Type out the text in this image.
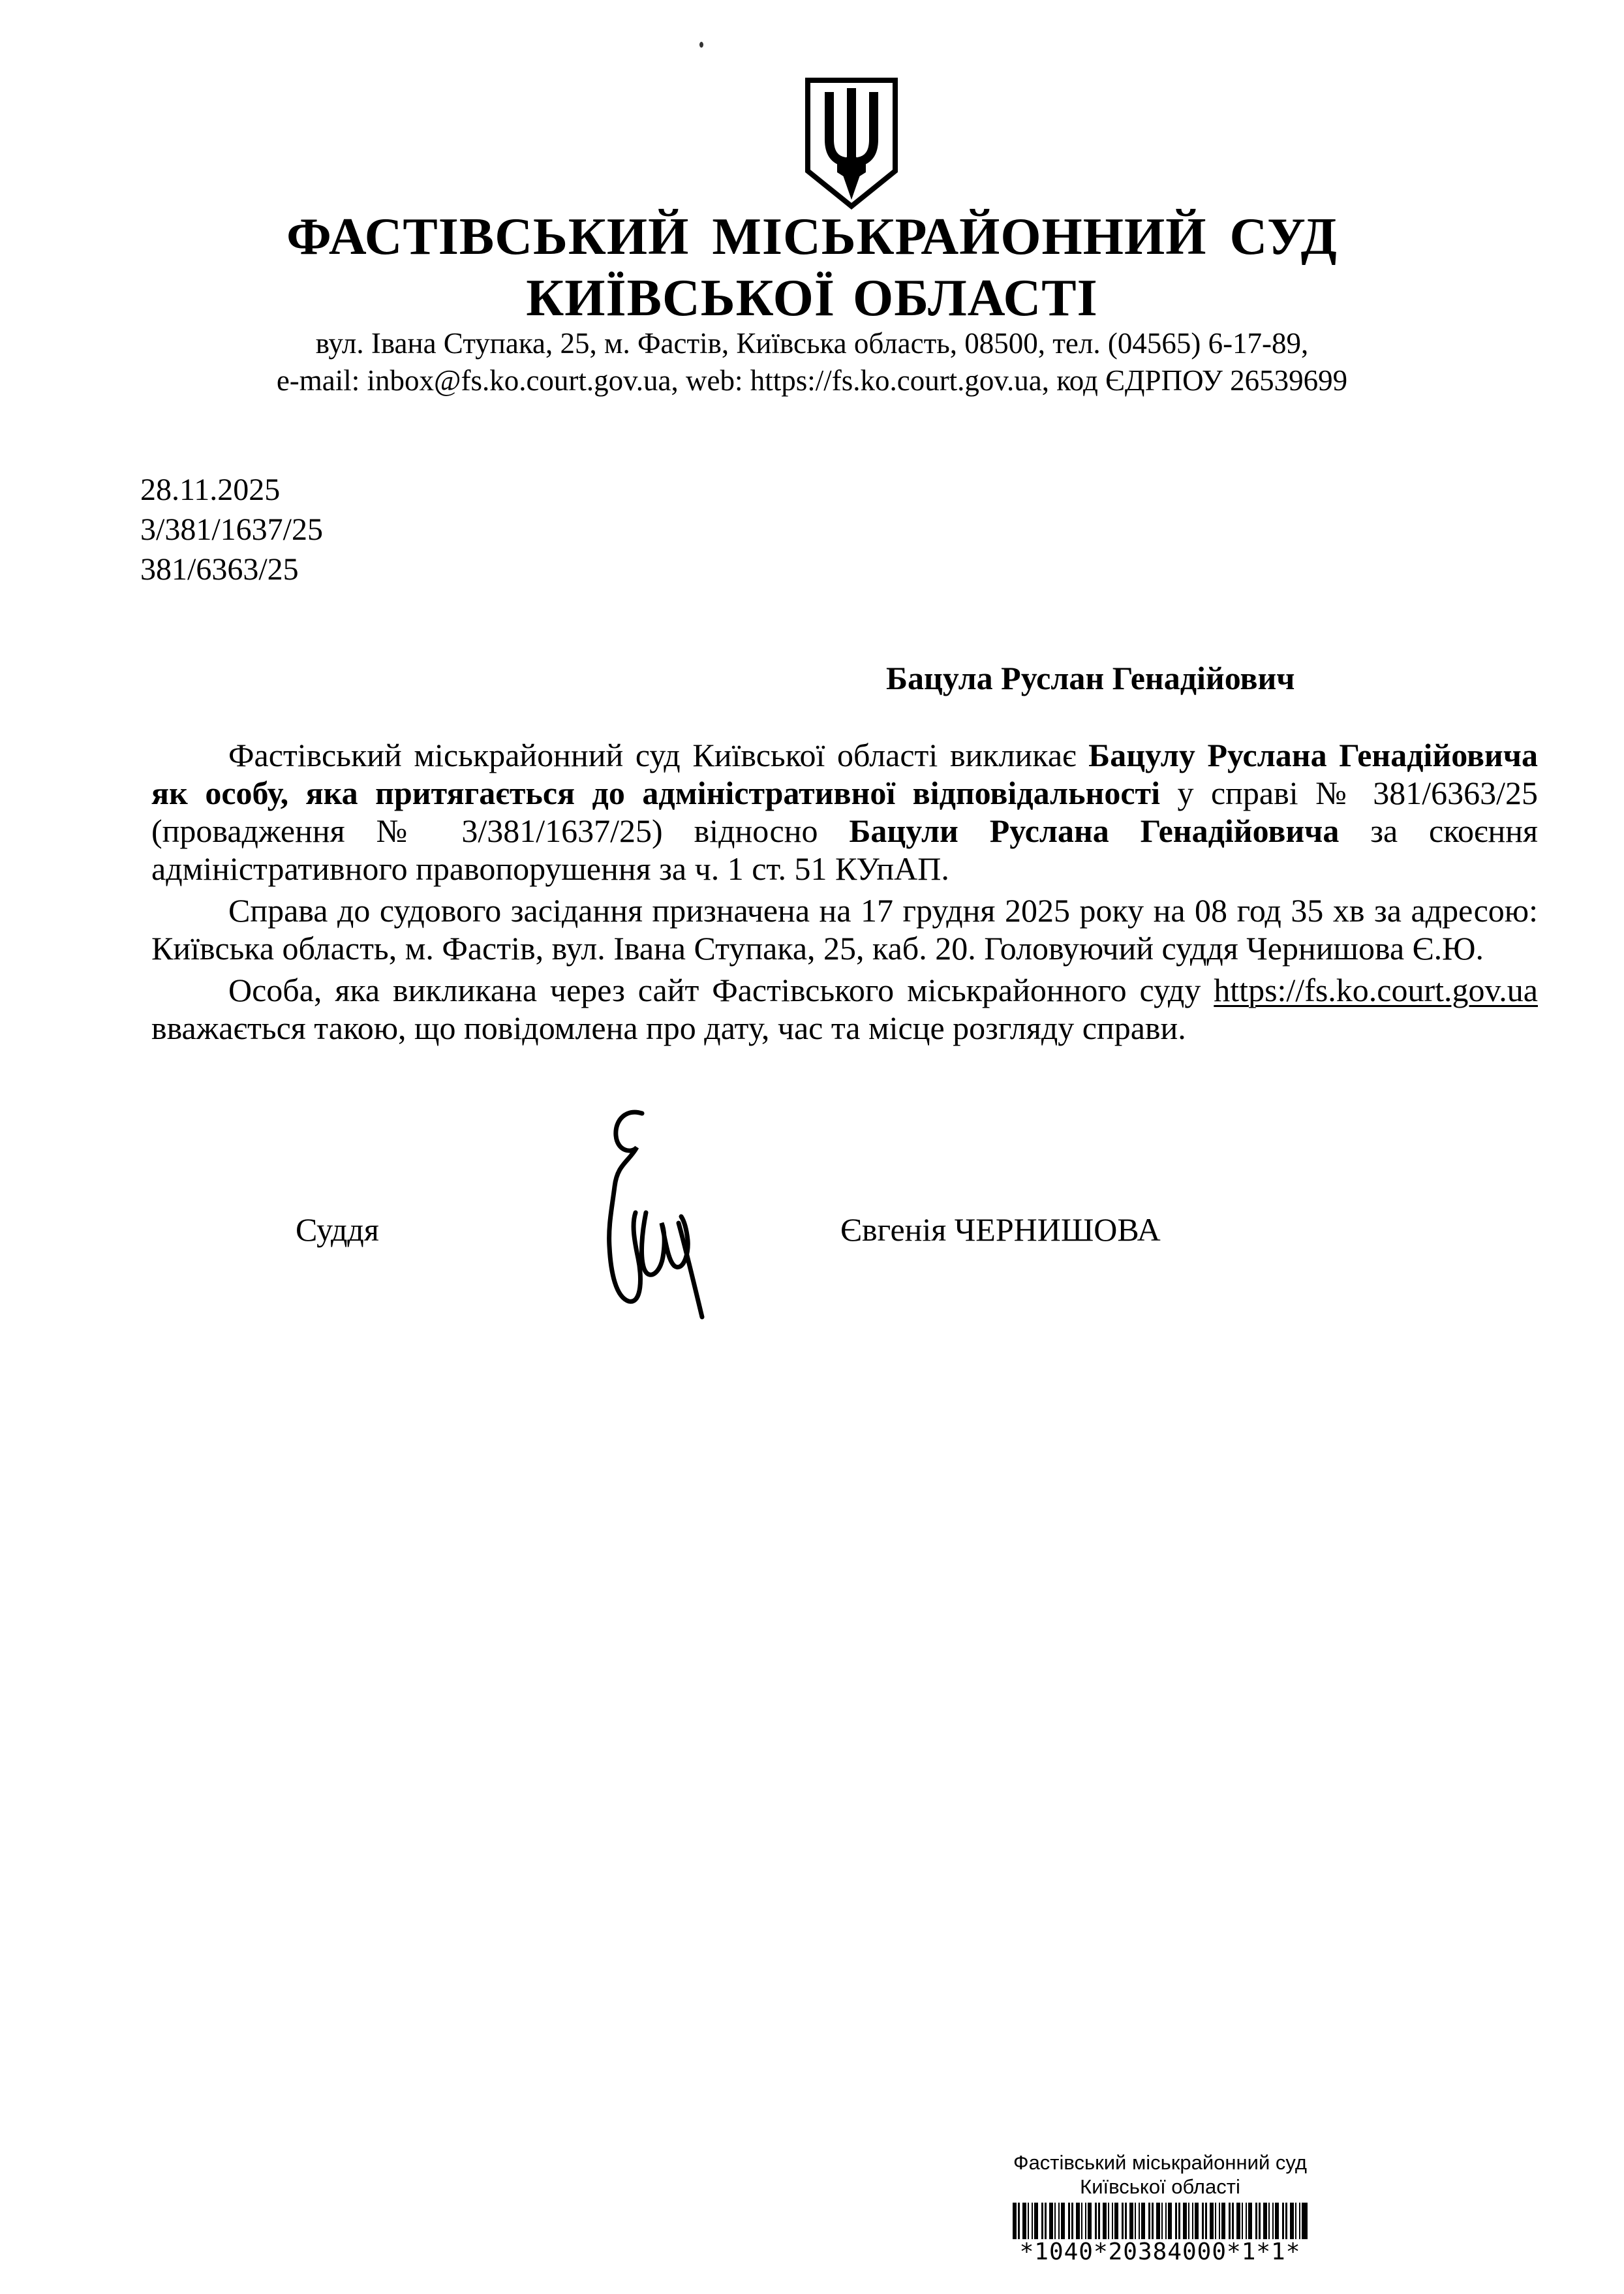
ФАСТІВСЬКИЙ МІСЬКРАЙОННИЙ СУД
КИЇВСЬКОЇ ОБЛАСТІ
вул. Івана Ступака, 25, м. Фастів, Київська область, 08500, тел. (04565) 6-17-89,
e-mail: inbox@fs.ko.court.gov.ua, web: https://fs.ko.court.gov.ua, код ЄДРПОУ 26539699
28.11.2025
3/381/1637/25
381/6363/25
Бацула Руслан Генадійович

Фастівський міськрайонний суд Київської області викликає Бацулу Руслана Генадійовича як особу, яка притягається до адміністративної відповідальності у справі № 381/6363/25 (провадження № 3/381/1637/25) відносно Бацули Руслана Генадійовича за скоєння адміністративного правопорушення за ч. 1 ст. 51 КУпАП.

Справа до судового засідання призначена на 17 грудня 2025 року на 08 год 35 хв за адресою: Київська область, м. Фастів, вул. Івана Ступака, 25, каб. 20. Головуючий суддя Чернишова Є.Ю.

Особа, яка викликана через сайт Фастівського міськрайонного суду https://fs.ko.court.gov.ua вважається такою, що повідомлена про дату, час та місце розгляду справи.

Суддя	Євгенія ЧЕРНИШОВА
Фастівський міськрайонний суд
Київської області
*1040*20384000*1*1*
